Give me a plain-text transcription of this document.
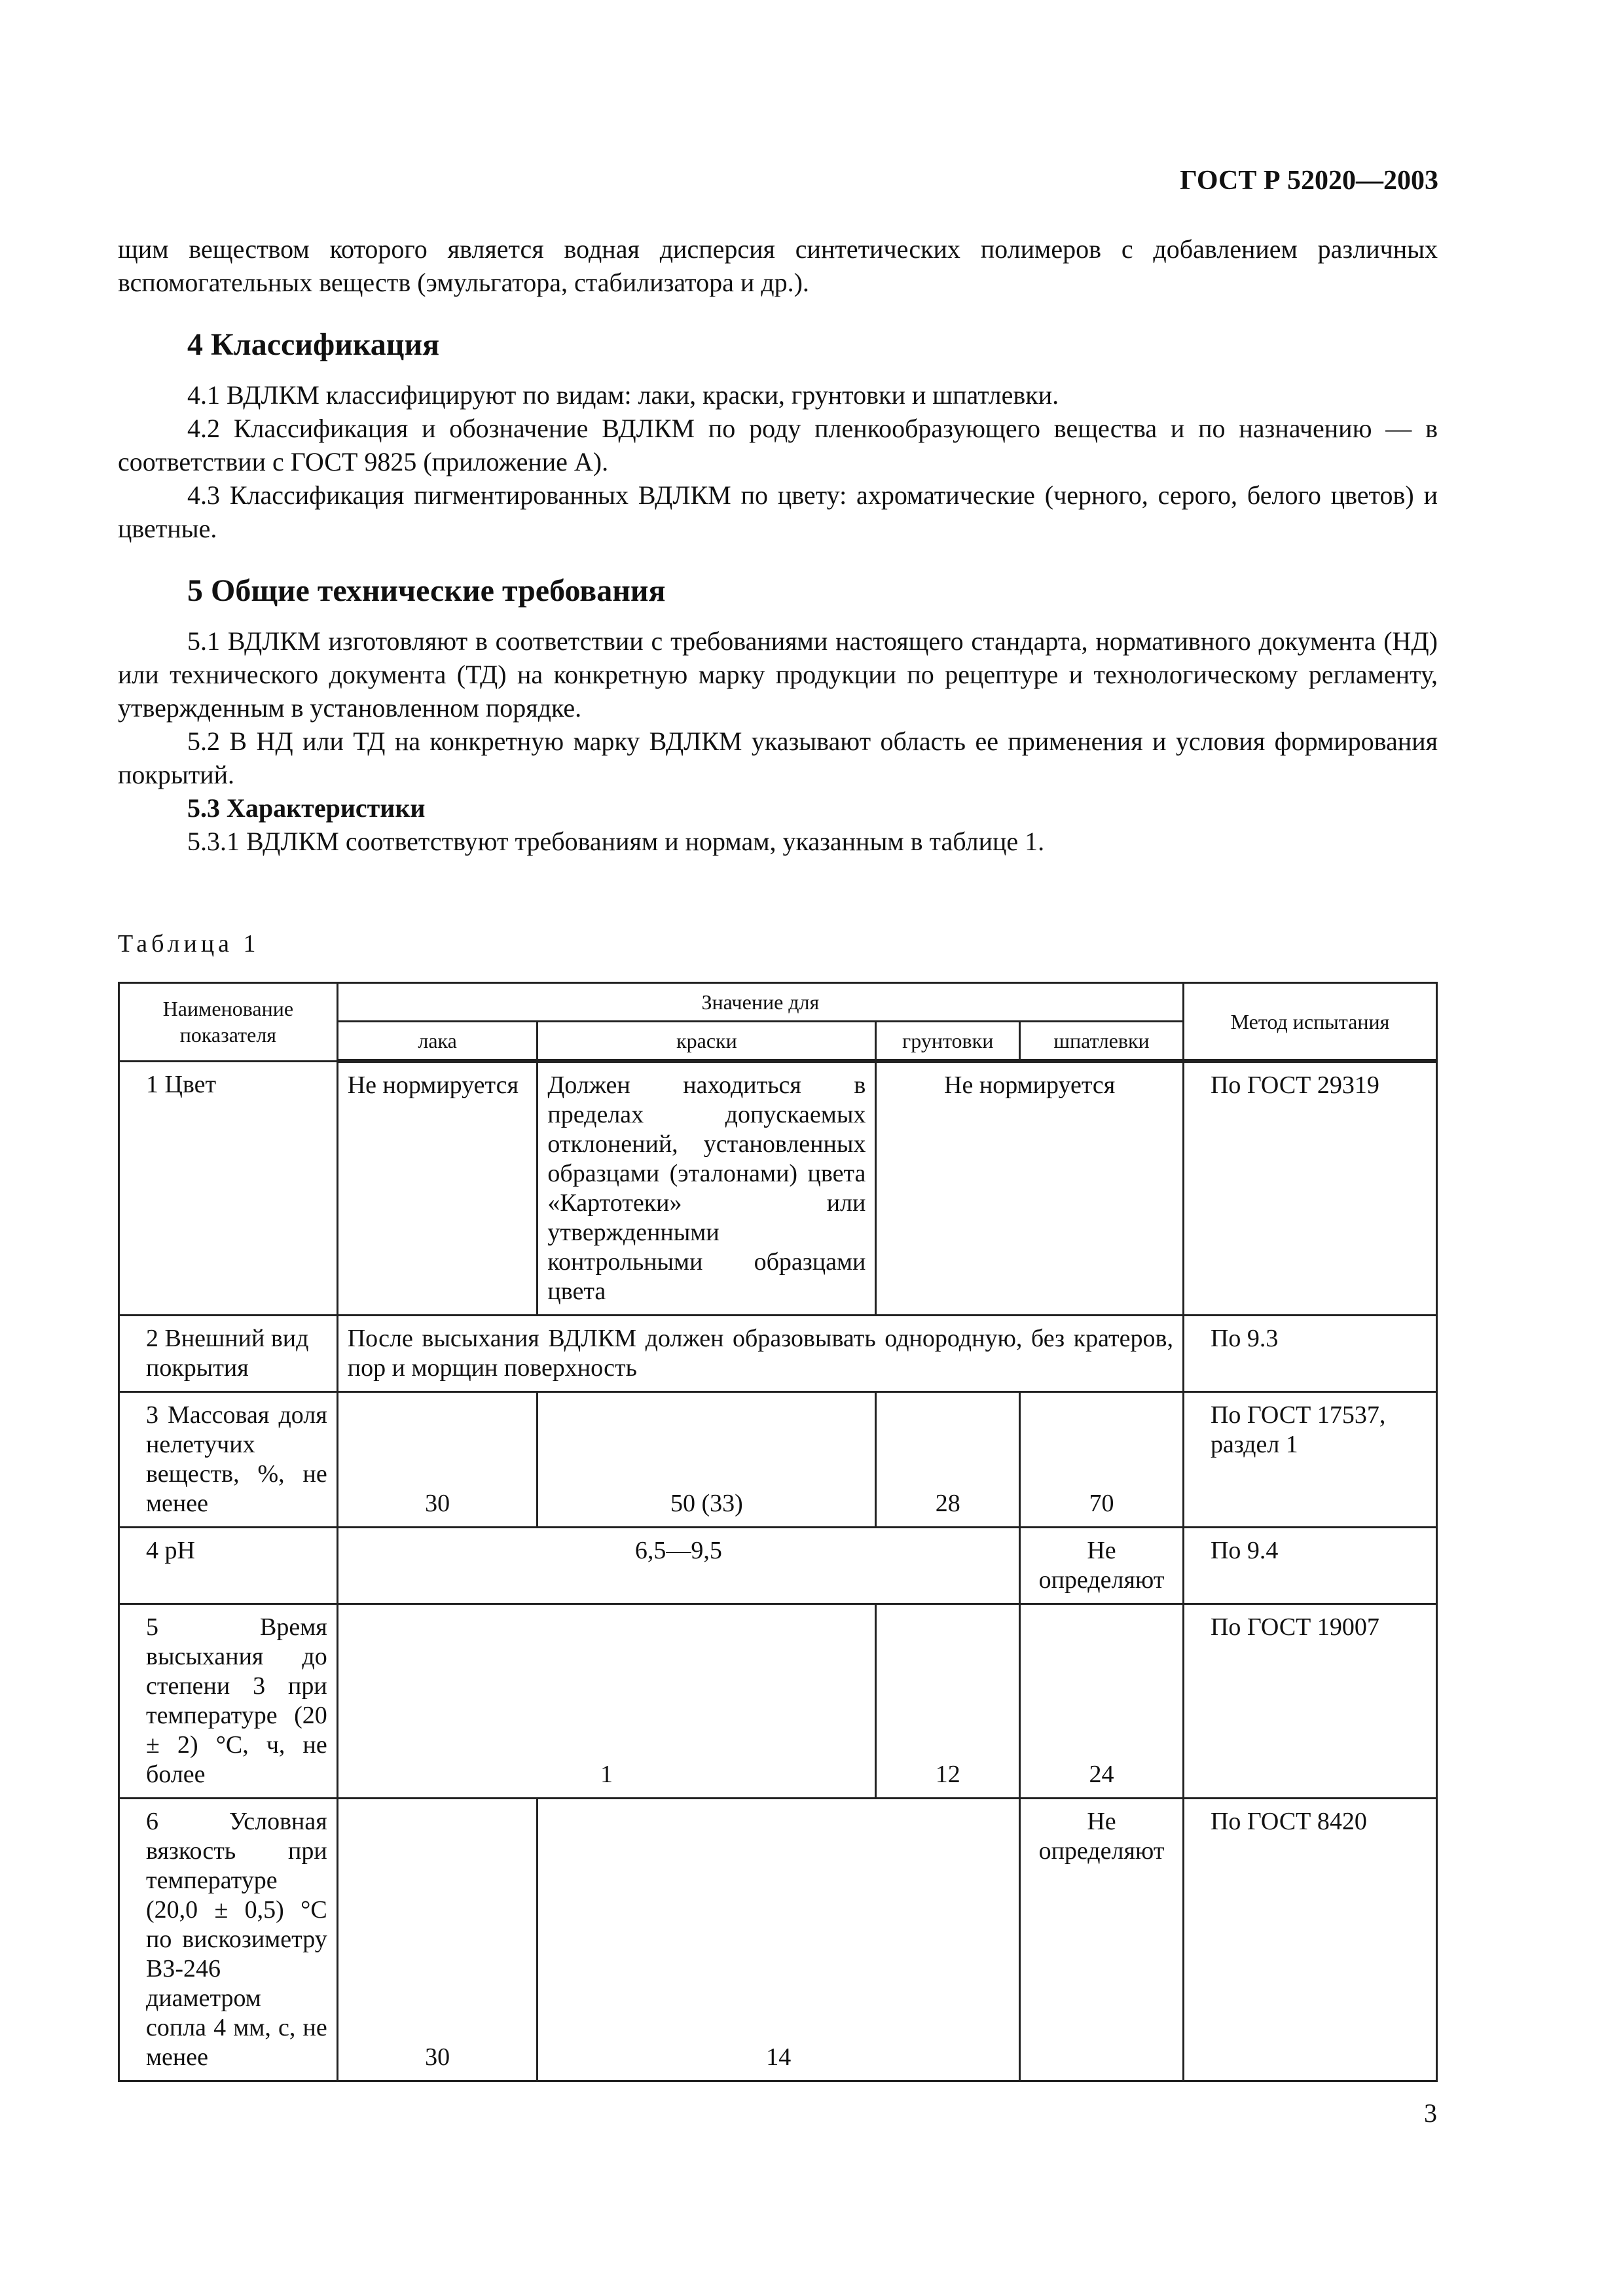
ГОСТ Р 52020—2003

щим веществом которого является водная дисперсия синтетических полимеров с добавлением различных вспомогательных веществ (эмульгатора, стабилизатора и др.).

4 Классификация

4.1 ВДЛКМ классифицируют по видам: лаки, краски, грунтовки и шпатлевки.

4.2 Классификация и обозначение ВДЛКМ по роду пленкообразующего вещества и по назначению — в соответствии с ГОСТ 9825 (приложение А).

4.3 Классификация пигментированных ВДЛКМ по цвету: ахроматические (черного, серого, белого цветов) и цветные.

5 Общие технические требования

5.1 ВДЛКМ изготовляют в соответствии с требованиями настоящего стандарта, нормативного документа (НД) или технического документа (ТД) на конкретную марку продукции по рецептуре и технологическому регламенту, утвержденным в установленном порядке.

5.2 В НД или ТД на конкретную марку ВДЛКМ указывают область ее применения и условия формирования покрытий.

5.3 Характеристики

5.3.1 ВДЛКМ соответствуют требованиям и нормам, указанным в таблице 1.

Таблица 1
Наименование показателя	Значение для				Метод испытания
	лака	краски	грунтовки	шпатлевки	
1 Цвет	Не нормируется	Должен находиться в пределах допускаемых отклонений, установленных образцами (эталонами) цвета «Картотеки» или утвержденными контрольными образцами цвета	Не нормируется		По ГОСТ 29319
2 Внешний вид покрытия	После высыхания ВДЛКМ должен образовывать однородную, без кратеров, пор и морщин поверхность				По 9.3
3 Массовая доля нелетучих веществ, %, не менее	30	50 (33)	28	70	По ГОСТ 17537, раздел 1
4 pH	6,5—9,5			Не определяют	По 9.4
5 Время высыхания до степени 3 при температуре (20 ± 2) °С, ч, не более	1		12	24	По ГОСТ 19007
6 Условная вязкость при температуре (20,0 ± 0,5) °С по вискозиметру ВЗ-246 диаметром сопла 4 мм, с, не менее	30	14		Не определяют	По ГОСТ 8420
3
